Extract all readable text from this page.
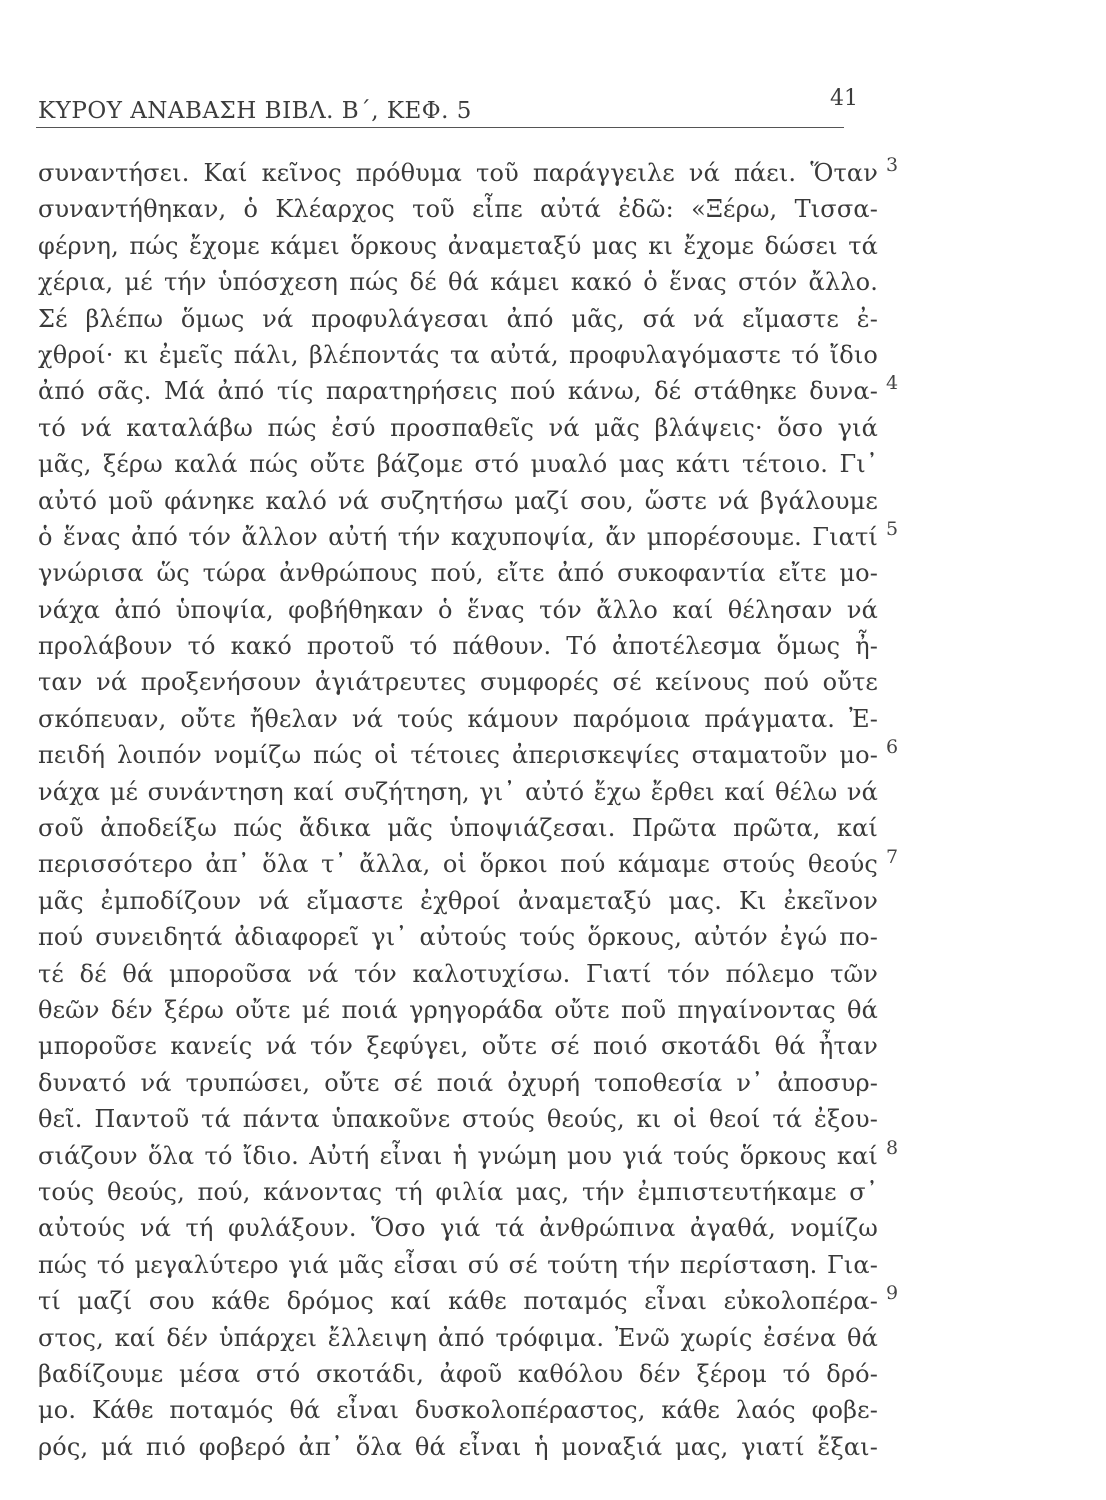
ΚΥΡΟΥ ΑΝΑΒΑΣΗ ΒΙΒΛ. Β΄, ΚΕΦ. 5	41
συναντήσει. Καί κεῖνος πρόθυμα τοῦ παράγγειλε νά πάει. Ὅταν
συναντήθηκαν, ὁ Κλέαρχος τοῦ εἶπε αὐτά ἐδῶ: «Ξέρω, Τισσα-
φέρνη, πώς ἔχομε κάμει ὅρκους ἀναμεταξύ μας κι ἔχομε δώσει τά
χέρια, μέ τήν ὑπόσχεση πώς δέ θά κάμει κακό ὁ ἕνας στόν ἄλλο.
Σέ βλέπω ὅμως νά προφυλάγεσαι ἀπό μᾶς, σά νά εἴμαστε ἐ-
χθροί· κι ἐμεῖς πάλι, βλέποντάς τα αὐτά, προφυλαγόμαστε τό ἴδιο
ἀπό σᾶς. Μά ἀπό τίς παρατηρήσεις πού κάνω, δέ στάθηκε δυνα-
τό νά καταλάβω πώς ἐσύ προσπαθεῖς νά μᾶς βλάψεις· ὅσο γιά
μᾶς, ξέρω καλά πώς οὔτε βάζομε στό μυαλό μας κάτι τέτοιο. Γι᾽
αὐτό μοῦ φάνηκε καλό νά συζητήσω μαζί σου, ὥστε νά βγάλουμε
ὁ ἕνας ἀπό τόν ἄλλον αὐτή τήν καχυποψία, ἄν μπορέσουμε. Γιατί
γνώρισα ὥς τώρα ἀνθρώπους πού, εἴτε ἀπό συκοφαντία εἴτε μο-
νάχα ἀπό ὑποψία, φοβήθηκαν ὁ ἕνας τόν ἄλλο καί θέλησαν νά
προλάβουν τό κακό προτοῦ τό πάθουν. Τό ἀποτέλεσμα ὅμως ἦ-
ταν νά προξενήσουν ἀγιάτρευτες συμφορές σέ κείνους πού οὔτε
σκόπευαν, οὔτε ἤθελαν νά τούς κάμουν παρόμοια πράγματα. Ἐ-
πειδή λοιπόν νομίζω πώς οἱ τέτοιες ἀπερισκεψίες σταματοῦν μο-
νάχα μέ συνάντηση καί συζήτηση, γι᾽ αὐτό ἔχω ἔρθει καί θέλω νά
σοῦ ἀποδείξω πώς ἄδικα μᾶς ὑποψιάζεσαι. Πρῶτα πρῶτα, καί
περισσότερο ἀπ᾽ ὅλα τ᾽ ἄλλα, οἱ ὅρκοι πού κάμαμε στούς θεούς
μᾶς ἐμποδίζουν νά εἴμαστε ἐχθροί ἀναμεταξύ μας. Κι ἐκεῖνον
πού συνειδητά ἀδιαφορεῖ γι᾽ αὐτούς τούς ὅρκους, αὐτόν ἐγώ πο-
τέ δέ θά μποροῦσα νά τόν καλοτυχίσω. Γιατί τόν πόλεμο τῶν
θεῶν δέν ξέρω οὔτε μέ ποιά γρηγοράδα οὔτε ποῦ πηγαίνοντας θά
μποροῦσε κανείς νά τόν ξεφύγει, οὔτε σέ ποιό σκοτάδι θά ἦταν
δυνατό νά τρυπώσει, οὔτε σέ ποιά ὀχυρή τοποθεσία ν᾽ ἀποσυρ-
θεῖ. Παντοῦ τά πάντα ὑπακοῦνε στούς θεούς, κι οἱ θεοί τά ἐξου-
σιάζουν ὅλα τό ἴδιο. Αὐτή εἶναι ἡ γνώμη μου γιά τούς ὅρκους καί
τούς θεούς, πού, κάνοντας τή φιλία μας, τήν ἐμπιστευτήκαμε σ᾽
αὐτούς νά τή φυλάξουν. Ὅσο γιά τά ἀνθρώπινα ἀγαθά, νομίζω
πώς τό μεγαλύτερο γιά μᾶς εἶσαι σύ σέ τούτη τήν περίσταση. Για-
τί μαζί σου κάθε δρόμος καί κάθε ποταμός εἶναι εὐκολοπέρα-
στος, καί δέν ὑπάρχει ἔλλειψη ἀπό τρόφιμα. Ἐνῶ χωρίς ἐσένα θά
βαδίζουμε μέσα στό σκοτάδι, ἀφοῦ καθόλου δέν ξέρομ τό δρό-
μο. Κάθε ποταμός θά εἶναι δυσκολοπέραστος, κάθε λαός φοβε-
ρός, μά πιό φοβερό ἀπ᾽ ὅλα θά εἶναι ἡ μοναξιά μας, γιατί ἔξαι-
3
4
5
6
7
8
9
